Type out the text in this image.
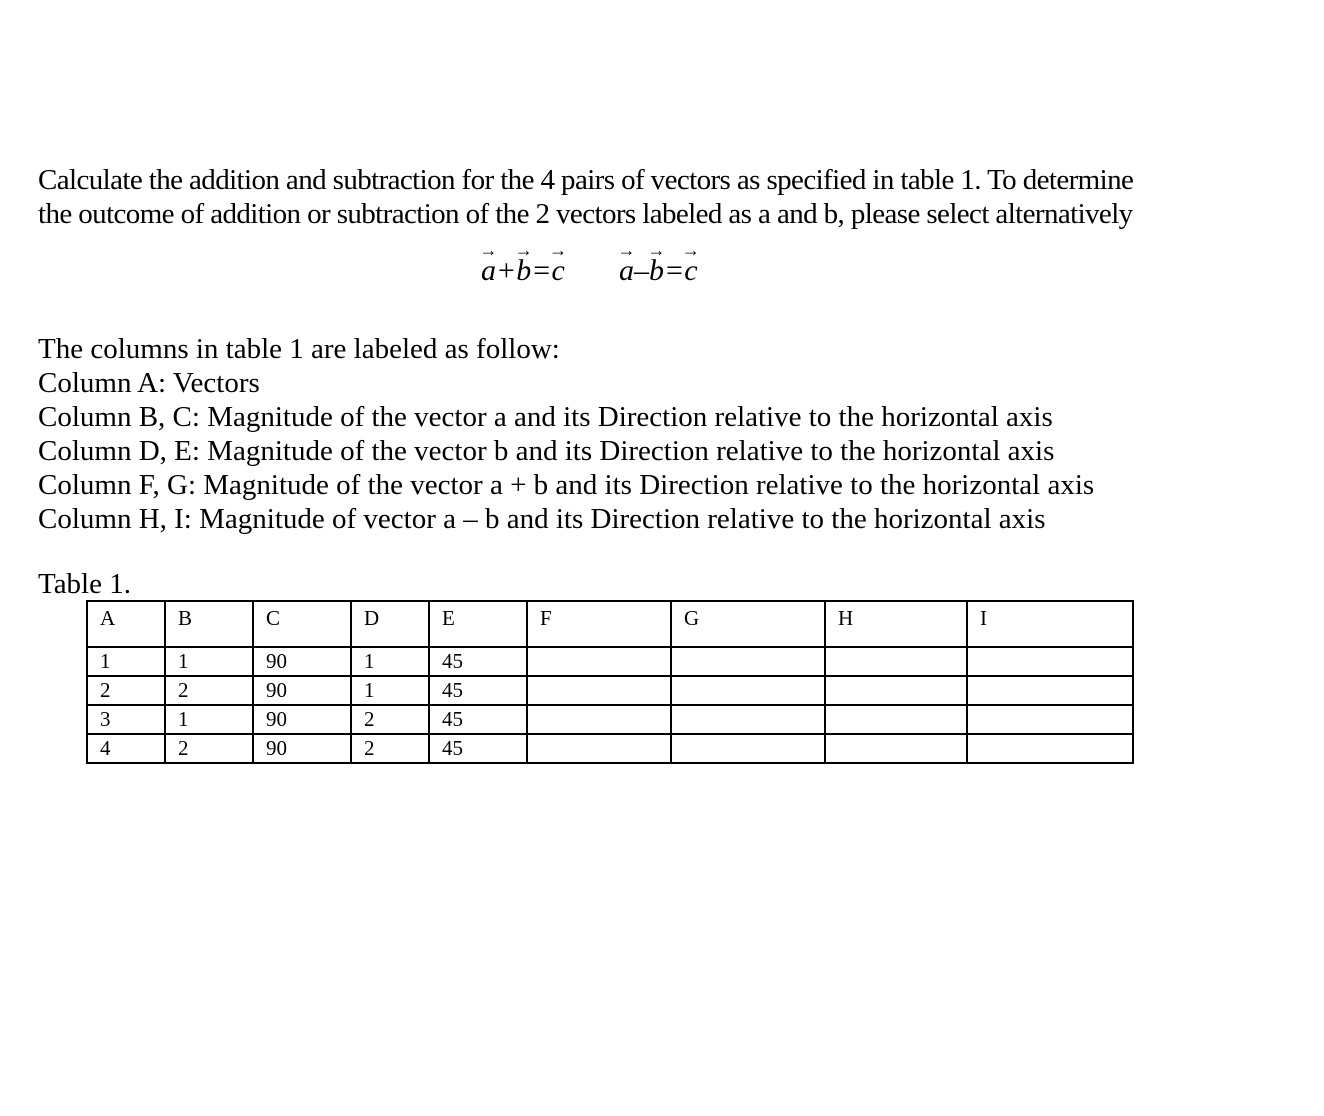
Calculate the addition and subtraction for the 4 pairs of vectors as specified in table 1. To determine
the outcome of addition or subtraction of the 2 vectors labeled as a and b, please select alternatively
→ a+→ b=→ c → a–→ b=→ c
The columns in table 1 are labeled as follow:
Column A: Vectors
Column B, C: Magnitude of the vector a and its Direction relative to the horizontal axis
Column D, E: Magnitude of the vector b and its Direction relative to the horizontal axis
Column F, G: Magnitude of the vector a + b and its Direction relative to the horizontal axis
Column H, I: Magnitude of vector a – b and its Direction relative to the horizontal axis
Table 1.
A	B	C	D	E	F	G	H	I
1	1	90	1	45				
2	2	90	1	45				
3	1	90	2	45				
4	2	90	2	45				
